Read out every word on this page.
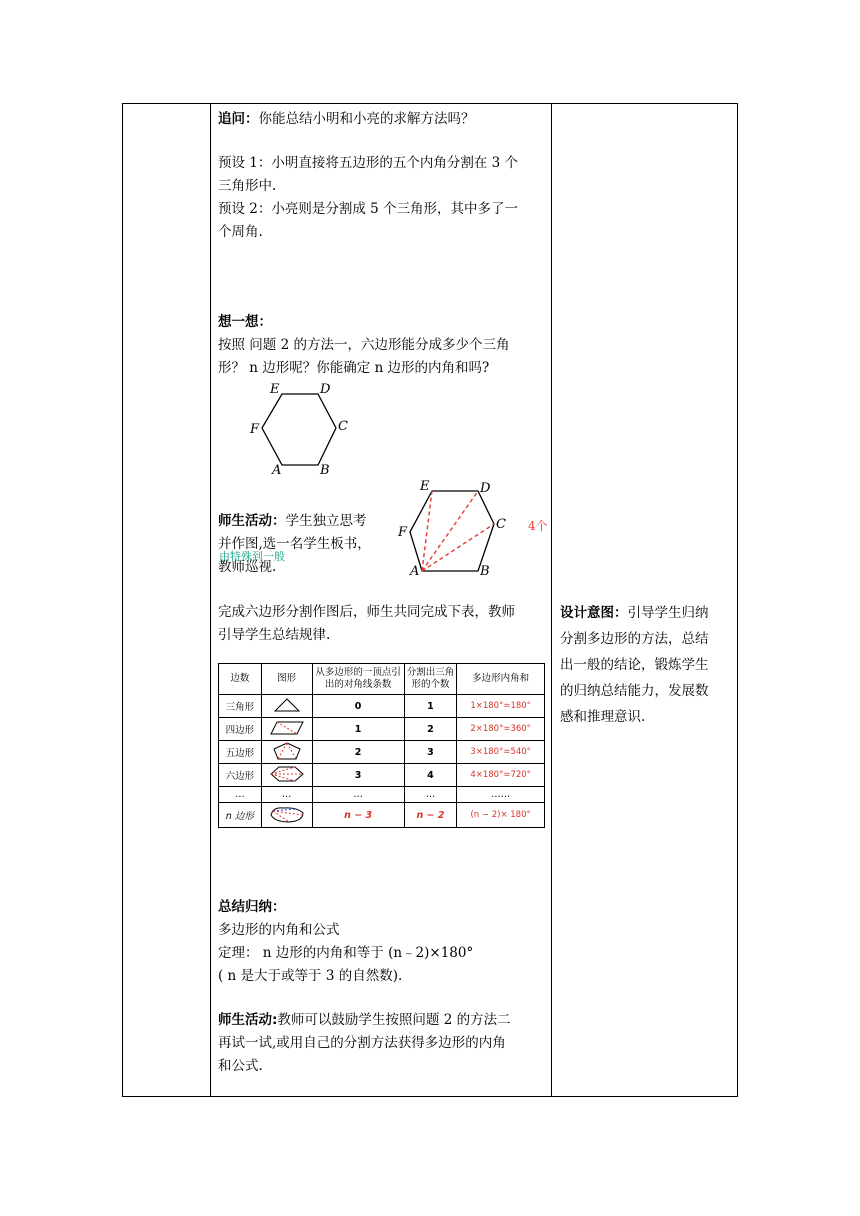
追问：你能总结小明和小亮的求解方法吗？
预设 1：小明直接将五边形的五个内角分割在 3 个
三角形中.
预设 2：小亮则是分割成 5 个三角形，其中多了一
个周角.
想一想：
按照 问题 2 的方法一，六边形能分成多少个三角
形？ n 边形呢？你能确定 n 边形的内角和吗?
E	D
F	C
A	B
师生活动：学生独立思考
并作图,选一名学生板书，
教师巡视.
E	D
F
C
A	B
4个
完成六边形分割作图后，师生共同完成下表，教师
引导学生总结规律.
总结归纳：
多边形的内角和公式
定理： n 边形的内角和等于 (n﹣2)×180°
( n 是大于或等于 3 的自然数).
师生活动:教师可以鼓励学生按照问题 2 的方法二
再试一试,或用自己的分割方法获得多边形的内角
和公式.
设计意图：引导学生归纳
分割多边形的方法，总结
出一般的结论，锻炼学生
的归纳总结能力，发展数
感和推理意识.
由特殊到一般
边数	图形	从多边形的一顶点引出的对角线条数	分割出三角形的个数	多边形内角和
三角形		0	1	1×180°=180°
四边形		1	2	2×180°=360°
五边形		2	3	3×180°=540°
六边形		3	4	4×180°=720°
…	…	…	…	……
n 边形		n − 3	n − 2	(n − 2)× 180°
